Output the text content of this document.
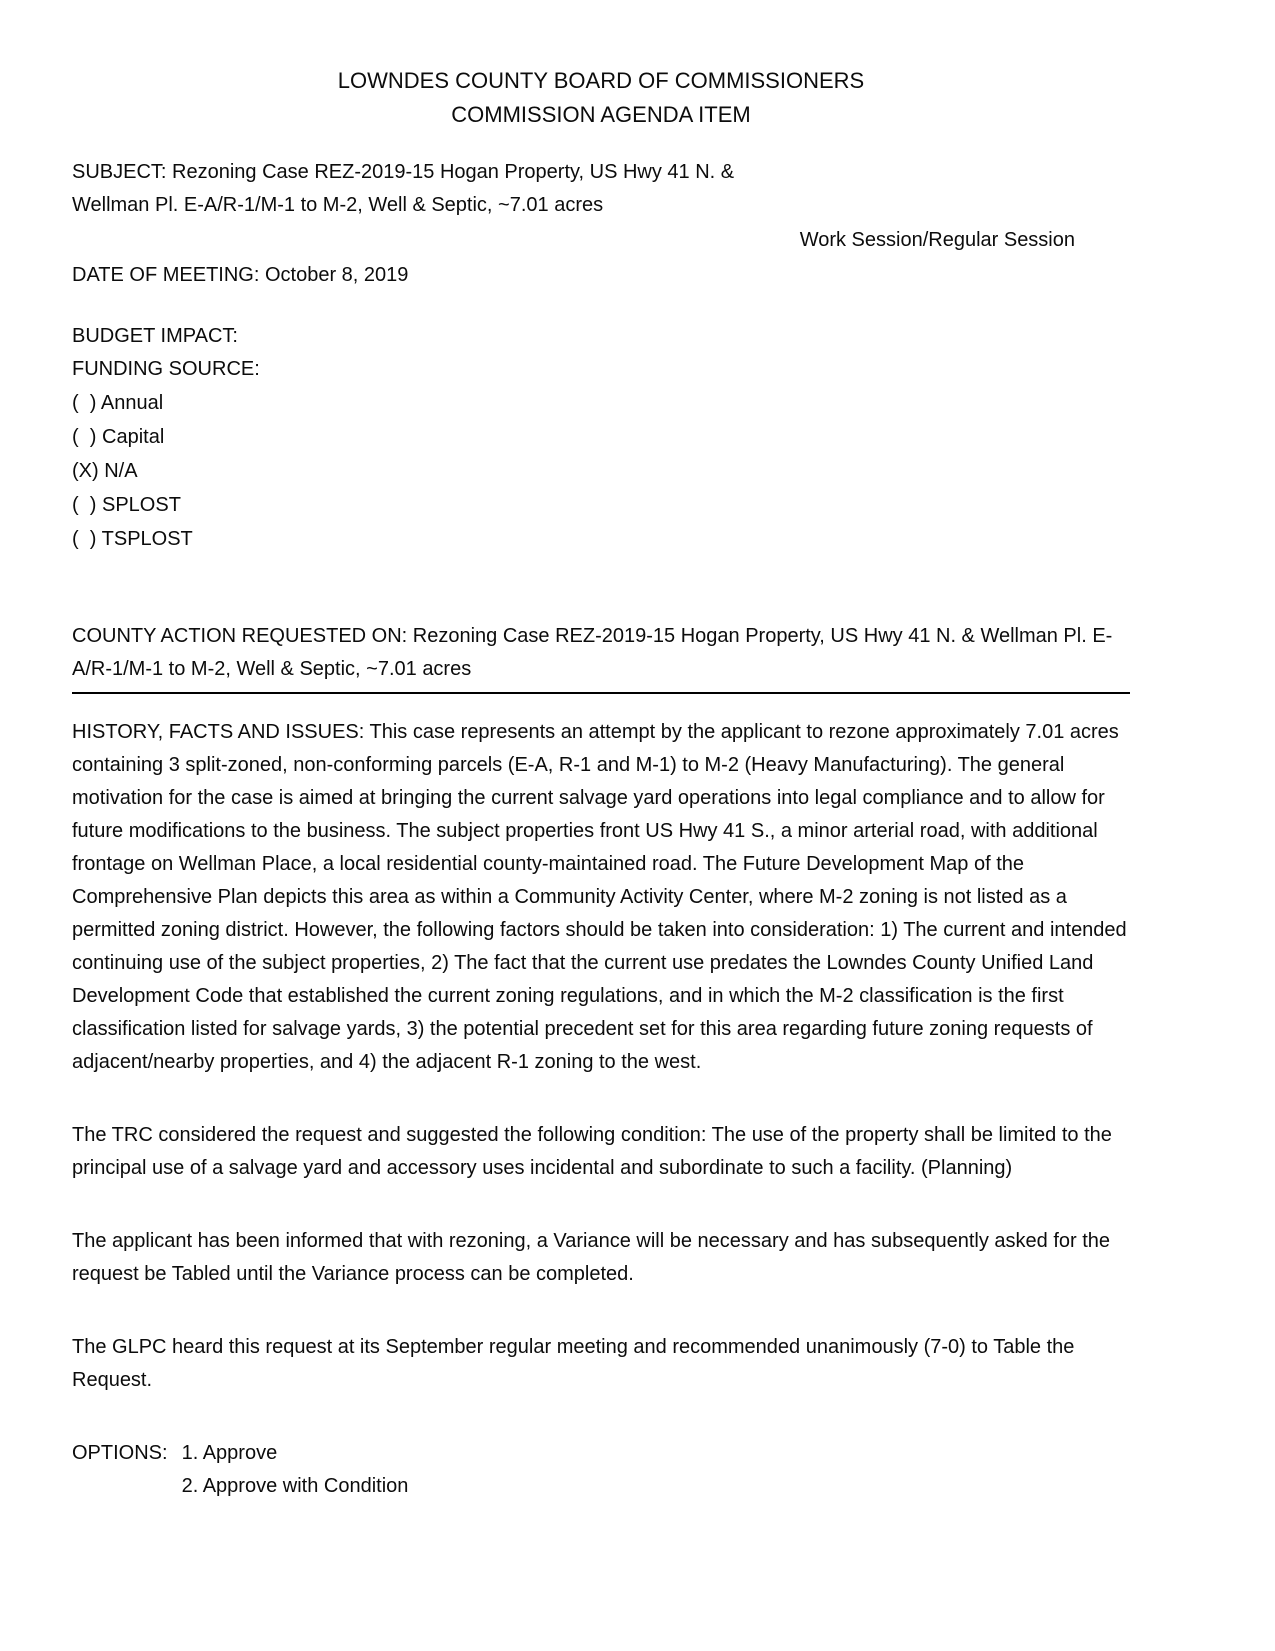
LOWNDES COUNTY BOARD OF COMMISSIONERS
COMMISSION AGENDA ITEM
SUBJECT: Rezoning Case REZ-2019-15 Hogan Property, US Hwy 41 N. &
Wellman Pl. E-A/R-1/M-1 to M-2, Well & Septic, ~7.01 acres
Work Session/Regular Session
DATE OF MEETING: October 8, 2019
BUDGET IMPACT:
FUNDING SOURCE:
(  ) Annual
(  ) Capital
(X) N/A
(  ) SPLOST
(  ) TSPLOST
COUNTY ACTION REQUESTED ON: Rezoning Case REZ-2019-15 Hogan Property, US Hwy 41 N. & Wellman Pl. E-A/R-1/M-1 to M-2, Well & Septic, ~7.01 acres
HISTORY, FACTS AND ISSUES: This case represents an attempt by the applicant to rezone approximately 7.01 acres containing 3 split-zoned, non-conforming parcels (E-A, R-1 and M-1) to M-2 (Heavy Manufacturing). The general motivation for the case is aimed at bringing the current salvage yard operations into legal compliance and to allow for future modifications to the business. The subject properties front US Hwy 41 S., a minor arterial road, with additional frontage on Wellman Place, a local residential county-maintained road. The Future Development Map of the Comprehensive Plan depicts this area as within a Community Activity Center, where M-2 zoning is not listed as a permitted zoning district. However, the following factors should be taken into consideration: 1) The current and intended continuing use of the subject properties, 2) The fact that the current use predates the Lowndes County Unified Land Development Code that established the current zoning regulations, and in which the M-2 classification is the first classification listed for salvage yards, 3) the potential precedent set for this area regarding future zoning requests of adjacent/nearby properties, and 4) the adjacent R-1 zoning to the west.
The TRC considered the request and suggested the following condition: The use of the property shall be limited to the principal use of a salvage yard and accessory uses incidental and subordinate to such a facility. (Planning)
The applicant has been informed that with rezoning, a Variance will be necessary and has subsequently asked for the request be Tabled until the Variance process can be completed.
The GLPC heard this request at its September regular meeting and recommended unanimously (7-0) to Table the Request.
OPTIONS: 1. Approve
2. Approve with Condition
